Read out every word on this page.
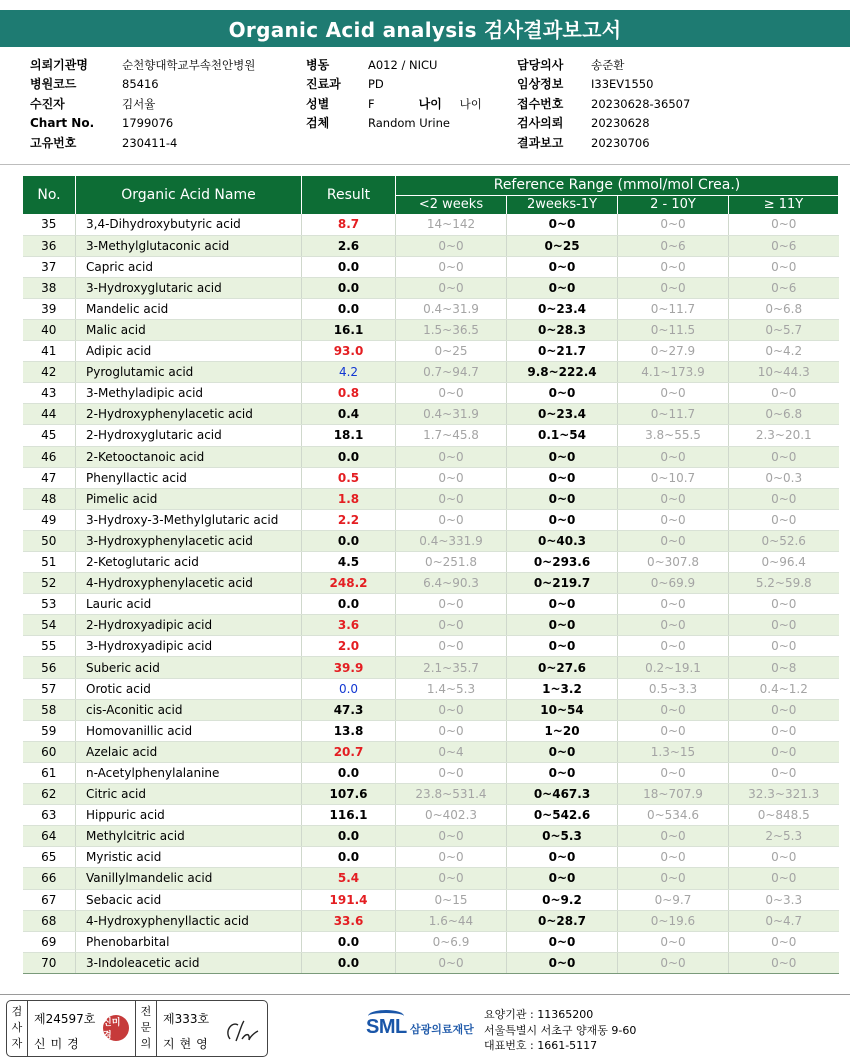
Organic Acid analysis 검사결과보고서
의뢰기관명	순천향대학교부속천안병원
병원코드	85416
수진자	김서율
Chart No.	1799076
고유번호	230411-4
병동	A012 / NICU
진료과	PD
성별	F	나이	나이
검체	Random Urine
담당의사	송준환
임상정보	I33EV1550
접수번호	20230628-36507
검사의뢰	20230628
결과보고	20230706
No.	Organic Acid Name	Result	Reference Range (mmol/mol Crea.)			
			<2 weeks	2weeks-1Y	2 - 10Y	≥ 11Y
35	3,4-Dihydroxybutyric acid	8.7	14~142	0~0	0~0	0~0
36	3-Methylglutaconic acid	2.6	0~0	0~25	0~6	0~6
37	Capric acid	0.0	0~0	0~0	0~0	0~0
38	3-Hydroxyglutaric acid	0.0	0~0	0~0	0~0	0~6
39	Mandelic acid	0.0	0.4~31.9	0~23.4	0~11.7	0~6.8
40	Malic acid	16.1	1.5~36.5	0~28.3	0~11.5	0~5.7
41	Adipic acid	93.0	0~25	0~21.7	0~27.9	0~4.2
42	Pyroglutamic acid	4.2	0.7~94.7	9.8~222.4	4.1~173.9	10~44.3
43	3-Methyladipic acid	0.8	0~0	0~0	0~0	0~0
44	2-Hydroxyphenylacetic acid	0.4	0.4~31.9	0~23.4	0~11.7	0~6.8
45	2-Hydroxyglutaric acid	18.1	1.7~45.8	0.1~54	3.8~55.5	2.3~20.1
46	2-Ketooctanoic acid	0.0	0~0	0~0	0~0	0~0
47	Phenyllactic acid	0.5	0~0	0~0	0~10.7	0~0.3
48	Pimelic acid	1.8	0~0	0~0	0~0	0~0
49	3-Hydroxy-3-Methylglutaric acid	2.2	0~0	0~0	0~0	0~0
50	3-Hydroxyphenylacetic acid	0.0	0.4~331.9	0~40.3	0~0	0~52.6
51	2-Ketoglutaric acid	4.5	0~251.8	0~293.6	0~307.8	0~96.4
52	4-Hydroxyphenylacetic acid	248.2	6.4~90.3	0~219.7	0~69.9	5.2~59.8
53	Lauric acid	0.0	0~0	0~0	0~0	0~0
54	2-Hydroxyadipic acid	3.6	0~0	0~0	0~0	0~0
55	3-Hydroxyadipic acid	2.0	0~0	0~0	0~0	0~0
56	Suberic acid	39.9	2.1~35.7	0~27.6	0.2~19.1	0~8
57	Orotic acid	0.0	1.4~5.3	1~3.2	0.5~3.3	0.4~1.2
58	cis-Aconitic acid	47.3	0~0	10~54	0~0	0~0
59	Homovanillic acid	13.8	0~0	1~20	0~0	0~0
60	Azelaic acid	20.7	0~4	0~0	1.3~15	0~0
61	n-Acetylphenylalanine	0.0	0~0	0~0	0~0	0~0
62	Citric acid	107.6	23.8~531.4	0~467.3	18~707.9	32.3~321.3
63	Hippuric acid	116.1	0~402.3	0~542.6	0~534.6	0~848.5
64	Methylcitric acid	0.0	0~0	0~5.3	0~0	2~5.3
65	Myristic acid	0.0	0~0	0~0	0~0	0~0
66	Vanillylmandelic acid	5.4	0~0	0~0	0~0	0~0
67	Sebacic acid	191.4	0~15	0~9.2	0~9.7	0~3.3
68	4-Hydroxyphenyllactic acid	33.6	1.6~44	0~28.7	0~19.6	0~4.7
69	Phenobarbital	0.0	0~6.9	0~0	0~0	0~0
70	3-Indoleacetic acid	0.0	0~0	0~0	0~0	0~0
검사자
제24597호
신미경
신미경
전문의
제333호
지현영
SML 삼광의료재단
요양기관 : 11365200
서울특별시 서초구 양재동 9-60
대표번호 : 1661-5117
